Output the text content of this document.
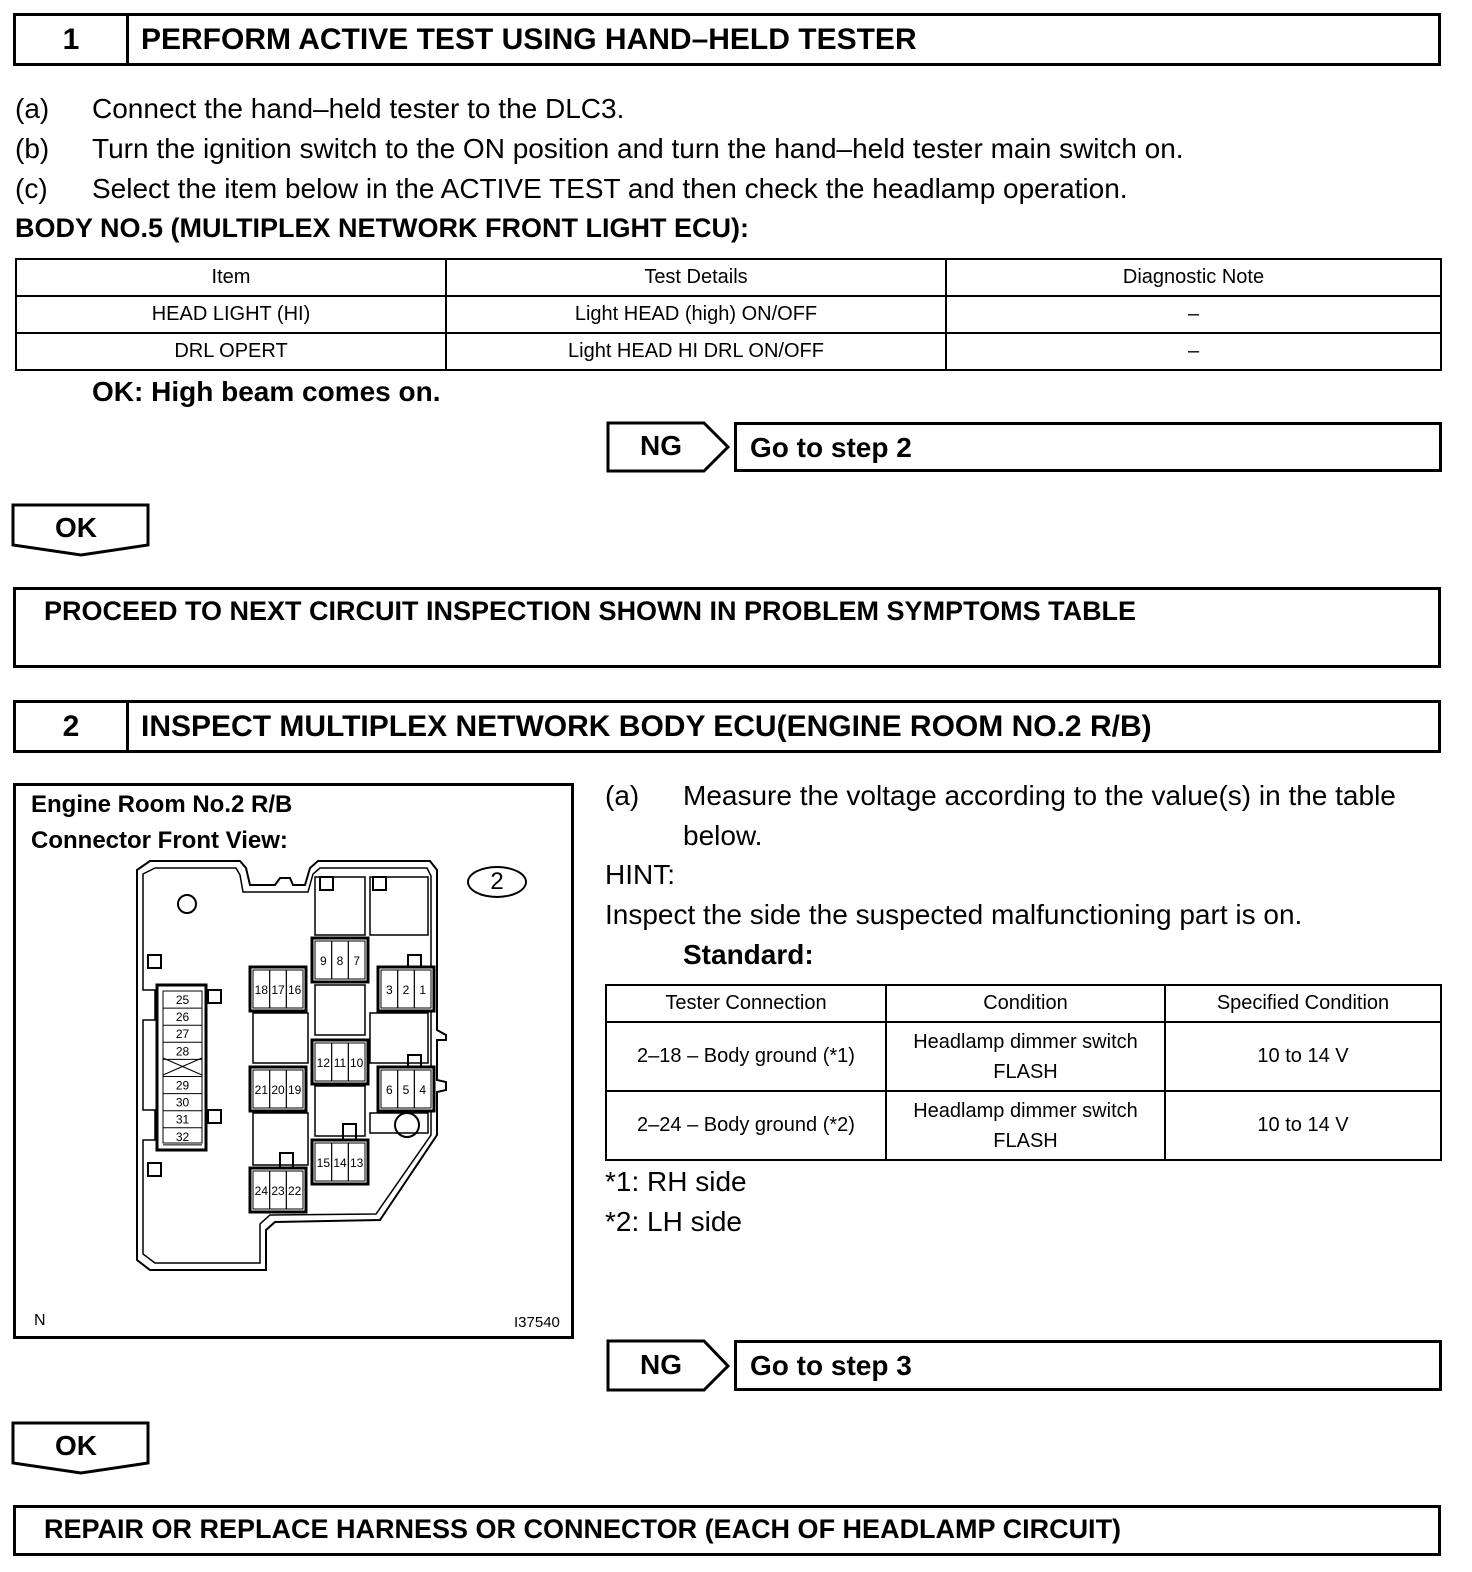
1	PERFORM ACTIVE TEST USING HAND–HELD TESTER
(a) Connect the hand–held tester to the DLC3.
(b) Turn the ignition switch to the ON position and turn the hand–held tester main switch on.
(c) Select the item below in the ACTIVE TEST and then check the headlamp operation.
BODY NO.5 (MULTIPLEX NETWORK FRONT LIGHT ECU):
Item	Test Details	Diagnostic Note
HEAD LIGHT (HI)	Light HEAD (high) ON/OFF	–
DRL OPERT	Light HEAD HI DRL ON/OFF	–
OK: High beam comes on.
NG Go to step 2
OK
PROCEED TO NEXT CIRCUIT INSPECTION SHOWN IN PROBLEM SYMPTOMS TABLE
2	INSPECT MULTIPLEX NETWORK BODY ECU(ENGINE ROOM NO.2 R/B)
Engine Room No.2 R/B
Connector Front View:
N	I37540
9 8 7
18 17 16	3 2 1
12 11 10
21 20 19	6 5 4
15 14 13
24 23 22
25
26
27
28
29
30
31
32
2
(a) Measure the voltage according to the value(s) in the table
below.
HINT:
Inspect the side the suspected malfunctioning part is on.
Standard:
Tester Connection	Condition	Specified Condition
2–18 – Body ground (*1)	Headlamp dimmer switch
FLASH	10 to 14 V
2–24 – Body ground (*2)	Headlamp dimmer switch
FLASH	10 to 14 V
*1: RH side
*2: LH side
NG Go to step 3
OK
REPAIR OR REPLACE HARNESS OR CONNECTOR (EACH OF HEADLAMP CIRCUIT)
